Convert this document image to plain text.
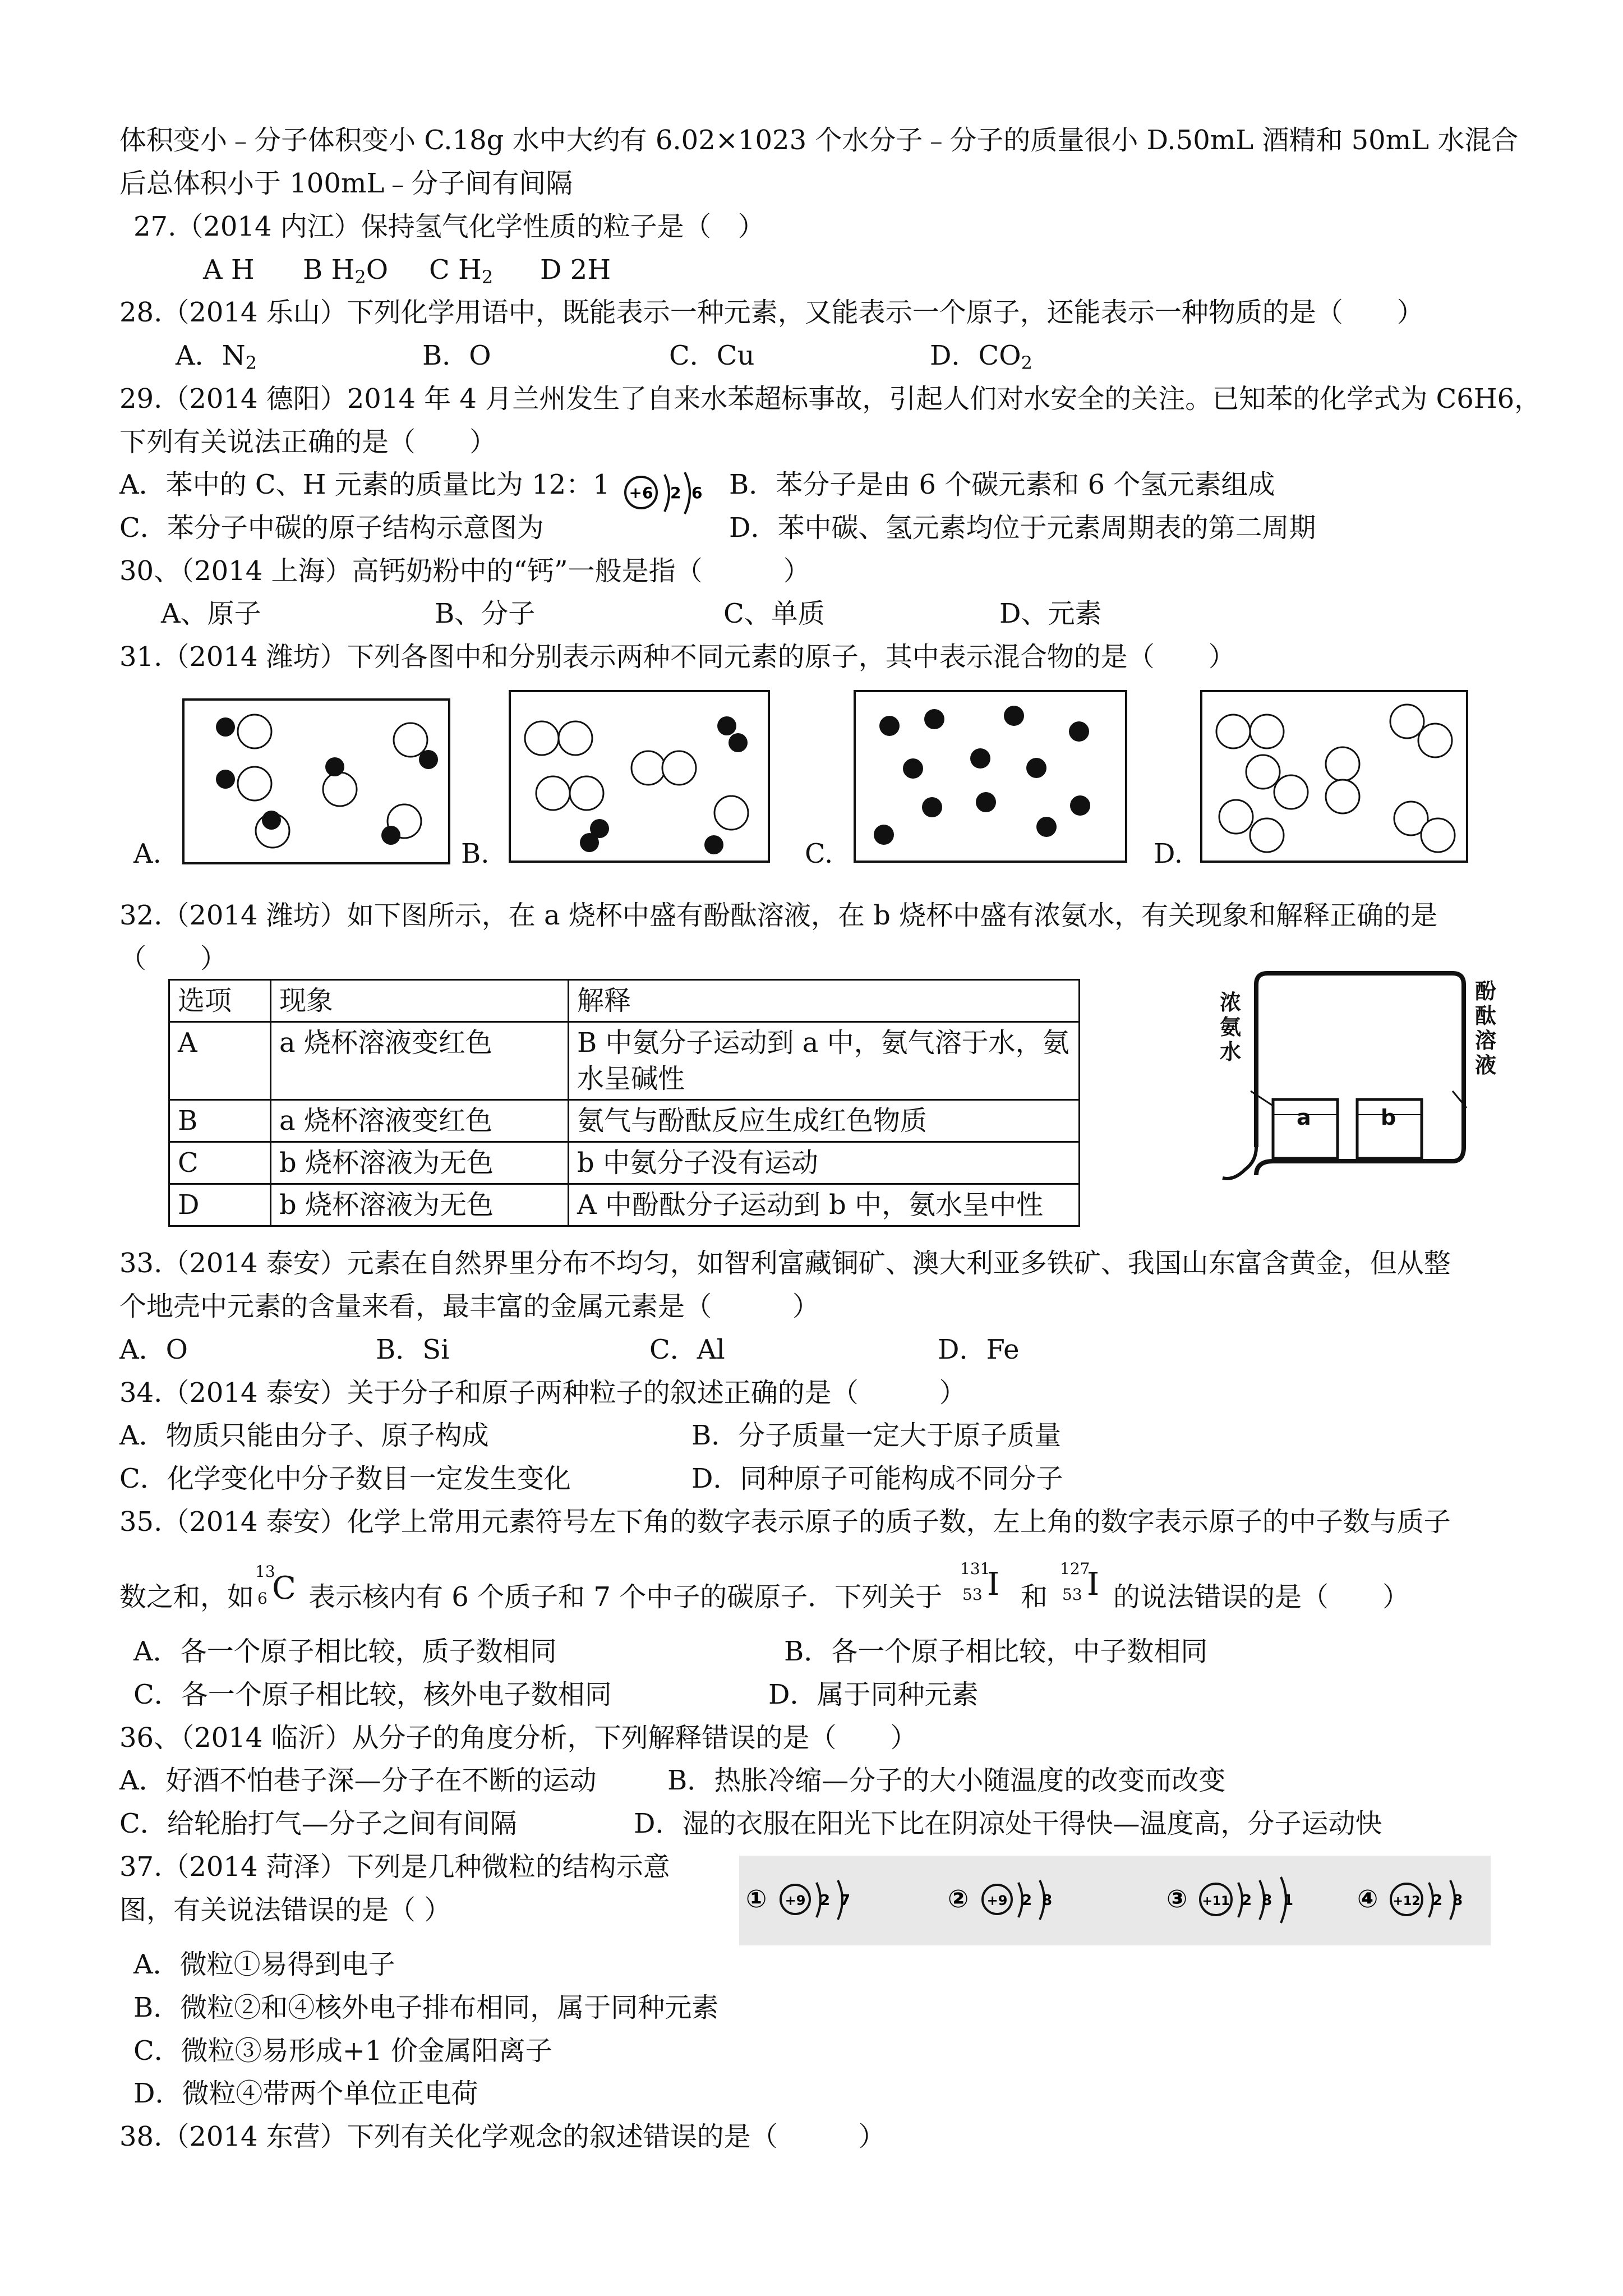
体积变小﹣分子体积变小 C.18g 水中大约有 6.02×1023 个水分子﹣分子的质量很小 D.50mL 酒精和 50mL 水混合
后总体积小于 100mL﹣分子间有间隔
27.（2014 内江）保持氢气化学性质的粒子是（　）
A H B $H_2O$ C $H_2$ D 2H
28.（2014 乐山）下列化学用语中，既能表示一种元素，又能表示一个原子，还能表示一种物质的是（　　）
A．$N_2$	B．O	C．Cu	D．$CO_2$
29.（2014 德阳）2014 年 4 月兰州发生了自来水苯超标事故，引起人们对水安全的关注。已知苯的化学式为 C6H6，
下列有关说法正确的是（　　）
A．苯中的 C、H 元素的质量比为 12：1 +6 2 6 B．苯分子是由 6 个碳元素和 6 个氢元素组成
C．苯分子中碳的原子结构示意图为	D．苯中碳、氢元素均位于元素周期表的第二周期
30、（2014 上海）高钙奶粉中的“钙”一般是指（　　　）
A、原子	B、分子	C、单质	D、元素
31.（2014 潍坊）下列各图中和分别表示两种不同元素的原子，其中表示混合物的是（　　）
A.	B.	C.	D.
32.（2014 潍坊）如下图所示，在 a 烧杯中盛有酚酞溶液，在 b 烧杯中盛有浓氨水，有关现象和解释正确的是
（　　）
选项	现象	解释
A	a 烧杯溶液变红色	B 中氨分子运动到 a 中，氨气溶于水，氨水呈碱性
B	a 烧杯溶液变红色	氨气与酚酞反应生成红色物质
C	b 烧杯溶液为无色	b 中氨分子没有运动
D	b 烧杯溶液为无色	A 中酚酞分子运动到 b 中，氨水呈中性
a	b
浓氨水
酚酞溶液
33.（2014 泰安）元素在自然界里分布不均匀，如智利富藏铜矿、澳大利亚多铁矿、我国山东富含黄金，但从整
个地壳中元素的含量来看，最丰富的金属元素是（　　　）
A．O	B．Si	C．Al	D．Fe
34.（2014 泰安）关于分子和原子两种粒子的叙述正确的是（　　　）
A．物质只能由分子、原子构成	B．分子质量一定大于原子质量
C．化学变化中分子数目一定发生变化	D．同种原子可能构成不同分子
35.（2014 泰安）化学上常用元素符号左下角的数字表示原子的质子数，左上角的数字表示原子的中子数与质子
数之和，如
13
6 C 表示核内有 6 个质子和 7 个中子的碳原子．下列关于
131
53 I 和
127
53 I 的说法错误的是（　　）
A．各一个原子相比较，质子数相同	B．各一个原子相比较，中子数相同
C．各一个原子相比较，核外电子数相同	D．属于同种元素
36、（2014 临沂）从分子的角度分析，下列解释错误的是（　　）
A．好酒不怕巷子深—分子在不断的运动	B．热胀冷缩—分子的大小随温度的改变而改变
C．给轮胎打气—分子之间有间隔	D．湿的衣服在阳光下比在阴凉处干得快—温度高，分子运动快
37.（2014 菏泽）下列是几种微粒的结构示意
图，有关说法错误的是（ ）	① +9 2 7	② +9 2 8	③ +11 2 8 1	④ +12 2 8
A．微粒①易得到电子
B．微粒②和④核外电子排布相同，属于同种元素
C．微粒③易形成+1 价金属阳离子
D．微粒④带两个单位正电荷
38.（2014 东营）下列有关化学观念的叙述错误的是（　　　）
